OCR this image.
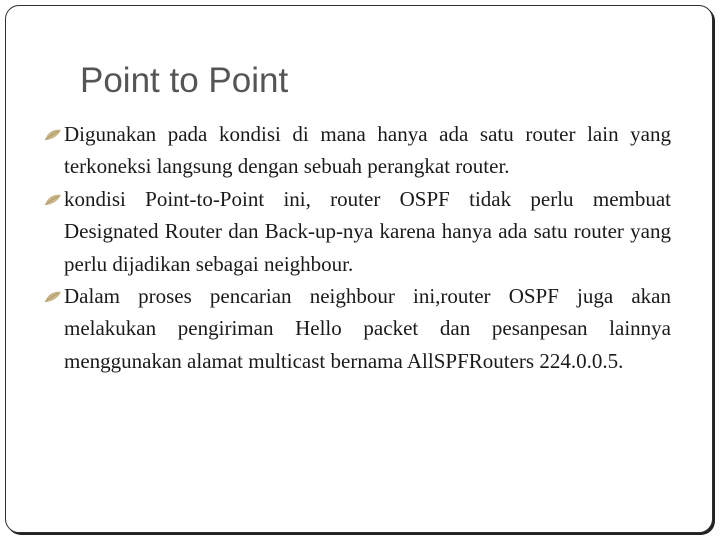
Point to Point
Digunakan pada kondisi di mana hanya ada satu router lain yang terkoneksi langsung dengan sebuah perangkat router.
kondisi Point-to-Point ini, router OSPF tidak perlu membuat Designated Router dan Back-up-nya karena hanya ada satu router yang perlu dijadikan sebagai neighbour.
Dalam proses pencarian neighbour ini,router OSPF juga akan melakukan pengiriman Hello packet dan pesanpesan lainnya menggunakan alamat multicast bernama AllSPFRouters 224.0.0.5.
